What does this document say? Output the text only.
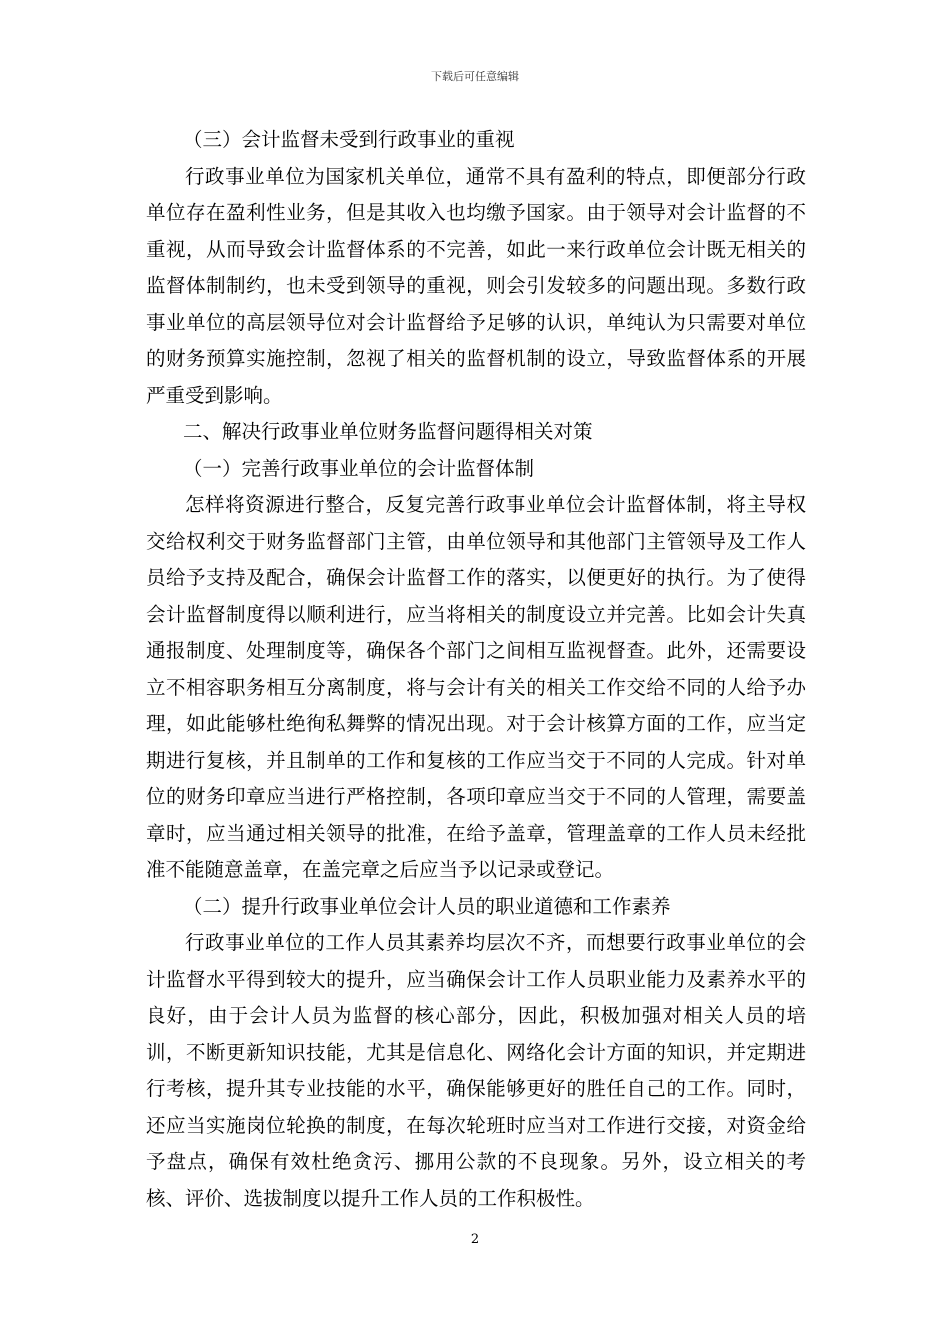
下载后可任意编辑

（三）会计监督未受到行政事业的重视

行政事业单位为国家机关单位，通常不具有盈利的特点，即便部分行政单位存在盈利性业务，但是其收入也均缴予国家。由于领导对会计监督的不重视，从而导致会计监督体系的不完善，如此一来行政单位会计既无相关的监督体制制约，也未受到领导的重视，则会引发较多的问题出现。多数行政事业单位的高层领导位对会计监督给予足够的认识，单纯认为只需要对单位的财务预算实施控制，忽视了相关的监督机制的设立，导致监督体系的开展严重受到影响。

二、解决行政事业单位财务监督问题得相关对策

（一）完善行政事业单位的会计监督体制

怎样将资源进行整合，反复完善行政事业单位会计监督体制，将主导权交给权利交于财务监督部门主管，由单位领导和其他部门主管领导及工作人员给予支持及配合，确保会计监督工作的落实，以便更好的执行。为了使得会计监督制度得以顺利进行，应当将相关的制度设立并完善。比如会计失真通报制度、处理制度等，确保各个部门之间相互监视督查。此外，还需要设立不相容职务相互分离制度，将与会计有关的相关工作交给不同的人给予办理，如此能够杜绝徇私舞弊的情况出现。对于会计核算方面的工作，应当定期进行复核，并且制单的工作和复核的工作应当交于不同的人完成。针对单位的财务印章应当进行严格控制，各项印章应当交于不同的人管理，需要盖章时，应当通过相关领导的批准，在给予盖章，管理盖章的工作人员未经批准不能随意盖章，在盖完章之后应当予以记录或登记。

（二）提升行政事业单位会计人员的职业道德和工作素养

行政事业单位的工作人员其素养均层次不齐，而想要行政事业单位的会计监督水平得到较大的提升，应当确保会计工作人员职业能力及素养水平的良好，由于会计人员为监督的核心部分，因此，积极加强对相关人员的培训，不断更新知识技能，尤其是信息化、网络化会计方面的知识，并定期进行考核，提升其专业技能的水平，确保能够更好的胜任自己的工作。同时，还应当实施岗位轮换的制度，在每次轮班时应当对工作进行交接，对资金给予盘点，确保有效杜绝贪污、挪用公款的不良现象。另外，设立相关的考核、评价、选拔制度以提升工作人员的工作积极性。

2
